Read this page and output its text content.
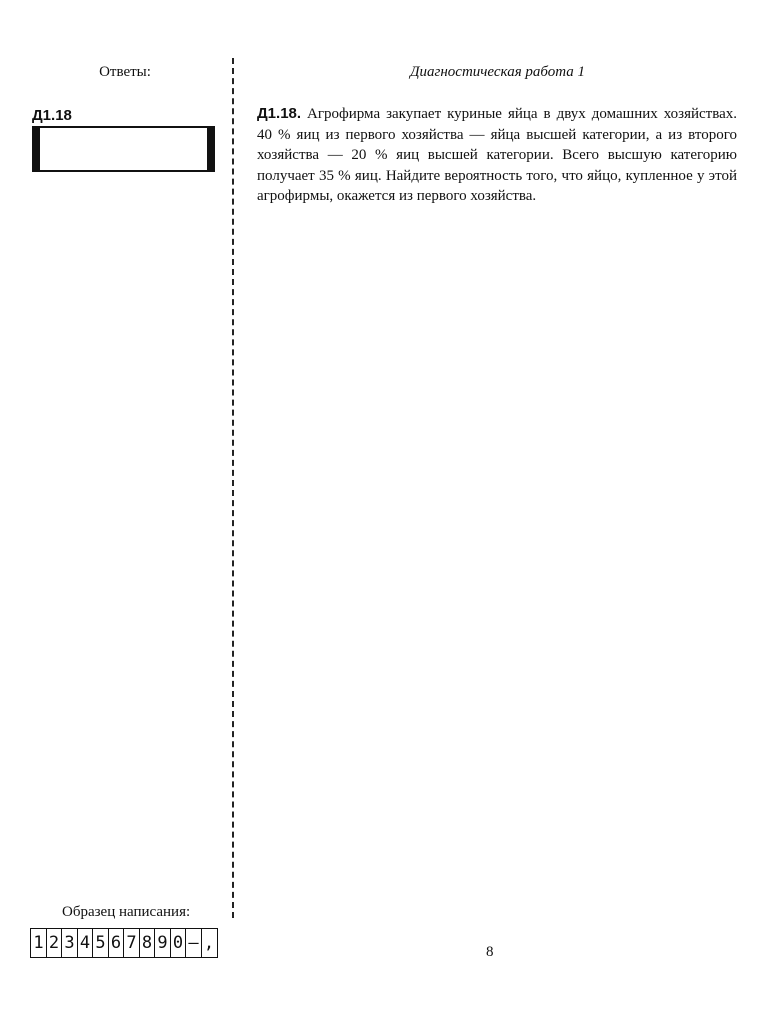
Ответы:	Диагностическая работа 1
Д1.18	Д1.18. Агрофирма закупает куриные яйца в двух домашних хозяйствах. 40 % яиц из первого хозяйства — яйца высшей категории, а из второго хозяйства — 20 % яиц высшей категории. Всего высшую категорию получает 35 % яиц. Найдите вероятность того, что яйцо, купленное у этой агрофирмы, окажется из первого хозяйства.
Образец написания:
1 2 3 4 5 6 7 8 9 0 – ,	8
